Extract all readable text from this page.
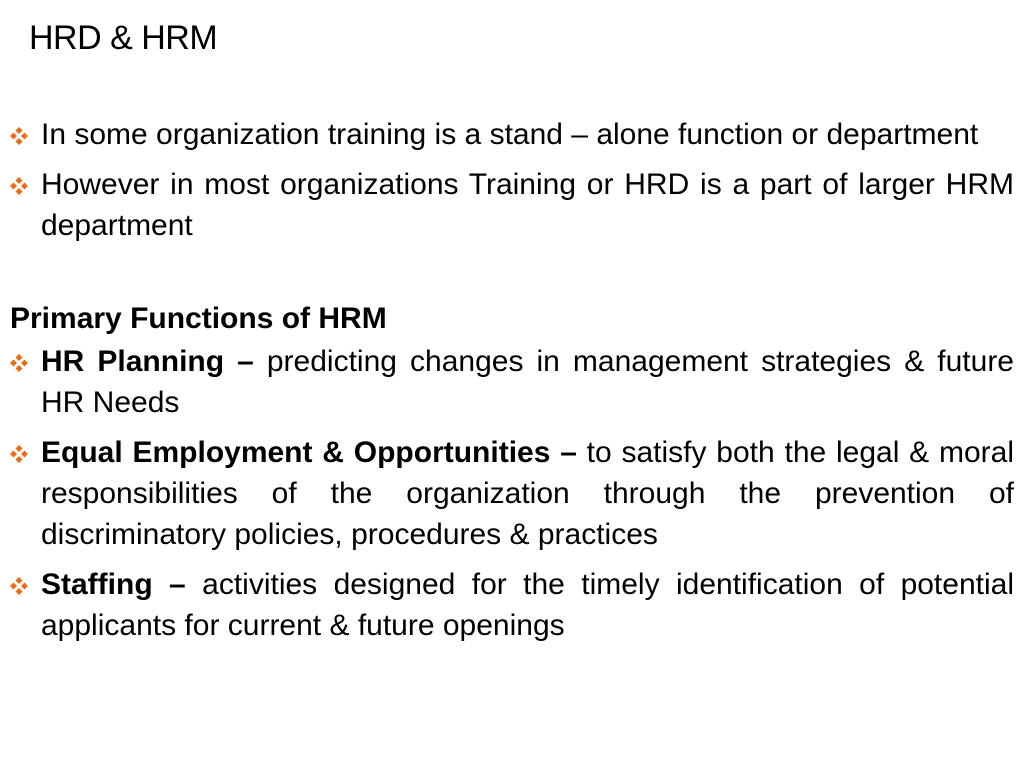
HRD & HRM
In some organization training is a stand – alone function or department
However in most organizations Training or HRD is a part of larger HRM department
Primary Functions of HRM
HR Planning – predicting changes in management strategies & future HR Needs
Equal Employment & Opportunities – to satisfy both the legal & moral responsibilities of the organization through the prevention of discriminatory policies, procedures & practices
Staffing – activities designed for the timely identification of potential applicants for current & future openings
